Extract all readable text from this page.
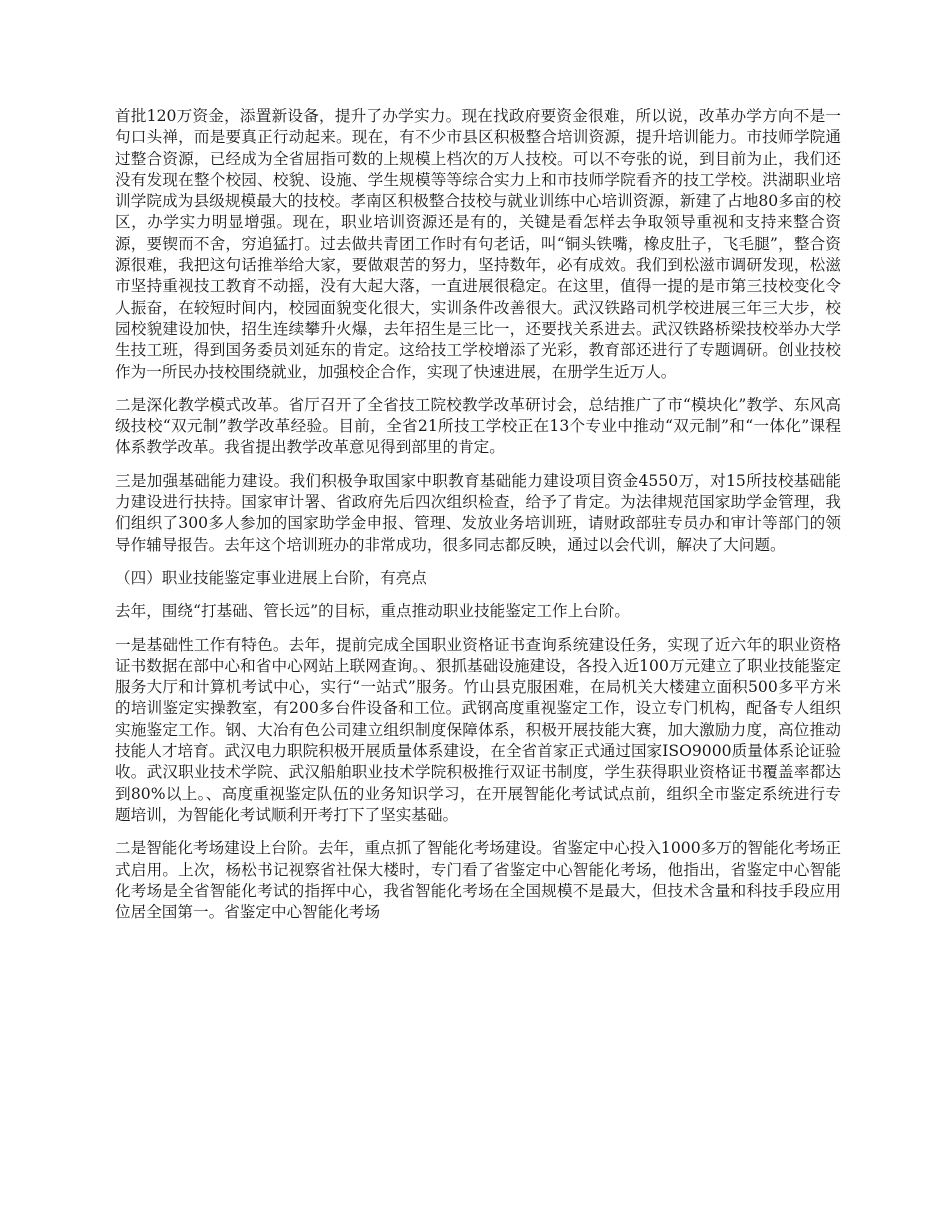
首批120万资金，添置新设备，提升了办学实力。现在找政府要资金很难，所以说，改革办学方向不是一句口头禅，而是要真正行动起来。现在，有不少市县区积极整合培训资源，提升培训能力。市技师学院通过整合资源，已经成为全省屈指可数的上规模上档次的万人技校。可以不夸张的说，到目前为止，我们还没有发现在整个校园、校貌、设施、学生规模等等综合实力上和市技师学院看齐的技工学校。洪湖职业培训学院成为县级规模最大的技校。孝南区积极整合技校与就业训练中心培训资源，新建了占地80多亩的校区，办学实力明显增强。现在，职业培训资源还是有的，关键是看怎样去争取领导重视和支持来整合资源，要锲而不舍，穷追猛打。过去做共青团工作时有句老话，叫“铜头铁嘴，橡皮肚子，飞毛腿”，整合资源很难，我把这句话推举给大家，要做艰苦的努力，坚持数年，必有成效。我们到松滋市调研发现，松滋市坚持重视技工教育不动摇，没有大起大落，一直进展很稳定。在这里，值得一提的是市第三技校变化令人振奋，在较短时间内，校园面貌变化很大，实训条件改善很大。武汉铁路司机学校进展三年三大步，校园校貌建设加快，招生连续攀升火爆，去年招生是三比一，还要找关系进去。武汉铁路桥梁技校举办大学生技工班，得到国务委员刘延东的肯定。这给技工学校增添了光彩，教育部还进行了专题调研。创业技校作为一所民办技校围绕就业，加强校企合作，实现了快速进展，在册学生近万人。

二是深化教学模式改革。省厅召开了全省技工院校教学改革研讨会，总结推广了市“模块化”教学、东风高级技校“双元制”教学改革经验。目前，全省21所技工学校正在13个专业中推动“双元制”和“一体化”课程体系教学改革。我省提出教学改革意见得到部里的肯定。

三是加强基础能力建设。我们积极争取国家中职教育基础能力建设项目资金4550万，对15所技校基础能力建设进行扶持。国家审计署、省政府先后四次组织检查，给予了肯定。为法律规范国家助学金管理，我们组织了300多人参加的国家助学金申报、管理、发放业务培训班，请财政部驻专员办和审计等部门的领导作辅导报告。去年这个培训班办的非常成功，很多同志都反映，通过以会代训，解决了大问题。

（四）职业技能鉴定事业进展上台阶，有亮点

去年，围绕“打基础、管长远”的目标，重点推动职业技能鉴定工作上台阶。

一是基础性工作有特色。去年，提前完成全国职业资格证书查询系统建设任务，实现了近六年的职业资格证书数据在部中心和省中心网站上联网查询。、狠抓基础设施建设，各投入近100万元建立了职业技能鉴定服务大厅和计算机考试中心，实行“一站式”服务。竹山县克服困难，在局机关大楼建立面积500多平方米的培训鉴定实操教室，有200多台件设备和工位。武钢高度重视鉴定工作，设立专门机构，配备专人组织实施鉴定工作。钢、大冶有色公司建立组织制度保障体系，积极开展技能大赛，加大激励力度，高位推动技能人才培育。武汉电力职院积极开展质量体系建设，在全省首家正式通过国家ISO9000质量体系论证验收。武汉职业技术学院、武汉船舶职业技术学院积极推行双证书制度，学生获得职业资格证书覆盖率都达到80%以上。、高度重视鉴定队伍的业务知识学习，在开展智能化考试试点前，组织全市鉴定系统进行专题培训，为智能化考试顺利开考打下了坚实基础。

二是智能化考场建设上台阶。去年，重点抓了智能化考场建设。省鉴定中心投入1000多万的智能化考场正式启用。上次，杨松书记视察省社保大楼时，专门看了省鉴定中心智能化考场，他指出，省鉴定中心智能化考场是全省智能化考试的指挥中心，我省智能化考场在全国规模不是最大，但技术含量和科技手段应用位居全国第一。省鉴定中心智能化考场
